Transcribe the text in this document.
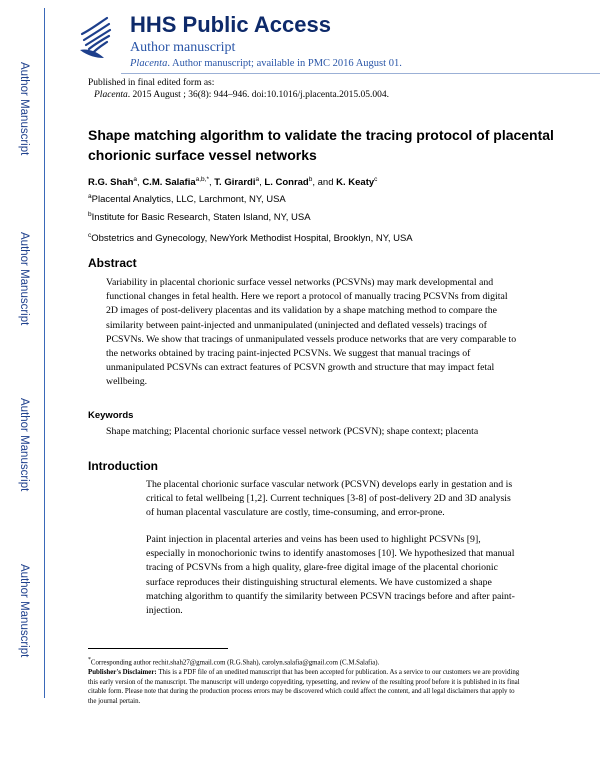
Author Manuscript
Author Manuscript
Author Manuscript
Author Manuscript
HHS Public Access
Author manuscript
Placenta. Author manuscript; available in PMC 2016 August 01.
Published in final edited form as:
Placenta. 2015 August ; 36(8): 944–946. doi:10.1016/j.placenta.2015.05.004.
Shape matching algorithm to validate the tracing protocol of placental chorionic surface vessel networks
R.G. Shah$^a$, C.M. Salafia$^{a,b,*}$, T. Girardi$^a$, L. Conrad$^b$, and K. Keaty$^c$
$^a$Placental Analytics, LLC, Larchmont, NY, USA
$^b$Institute for Basic Research, Staten Island, NY, USA
$^c$Obstetrics and Gynecology, NewYork Methodist Hospital, Brooklyn, NY, USA
Abstract

Variability in placental chorionic surface vessel networks (PCSVNs) may mark developmental and functional changes in fetal health. Here we report a protocol of manually tracing PCSVNs from digital 2D images of post-delivery placentas and its validation by a shape matching method to compare the similarity between paint-injected and unmanipulated (uninjected and deflated vessels) tracings of PCSVNs. We show that tracings of unmanipulated vessels produce networks that are very comparable to the networks obtained by tracing paint-injected PCSVNs. We suggest that manual tracings of unmanipulated PCSVNs can extract features of PCSVN growth and structure that may impact fetal wellbeing.

Keywords

Shape matching; Placental chorionic surface vessel network (PCSVN); shape context; placenta

Introduction

The placental chorionic surface vascular network (PCSVN) develops early in gestation and is critical to fetal wellbeing [1,2]. Current techniques [3-8] of post-delivery 2D and 3D analysis of human placental vasculature are costly, time-consuming, and error-prone.

Paint injection in placental arteries and veins has been used to highlight PCSVNs [9], especially in monochorionic twins to identify anastomoses [10]. We hypothesized that manual tracing of PCSVNs from a high quality, glare-free digital image of the placental chorionic surface reproduces their distinguishing structural elements. We have customized a shape matching algorithm to quantify the similarity between PCSVN tracings before and after paint-injection.

*Corresponding author rechit.shah27@gmail.com (R.G.Shah), carolyn.salafia@gmail.com (C.M.Salafia).

Publisher's Disclaimer: This is a PDF file of an unedited manuscript that has been accepted for publication. As a service to our customers we are providing this early version of the manuscript. The manuscript will undergo copyediting, typesetting, and review of the resulting proof before it is published in its final citable form. Please note that during the production process errors may be discovered which could affect the content, and all legal disclaimers that apply to the journal pertain.
